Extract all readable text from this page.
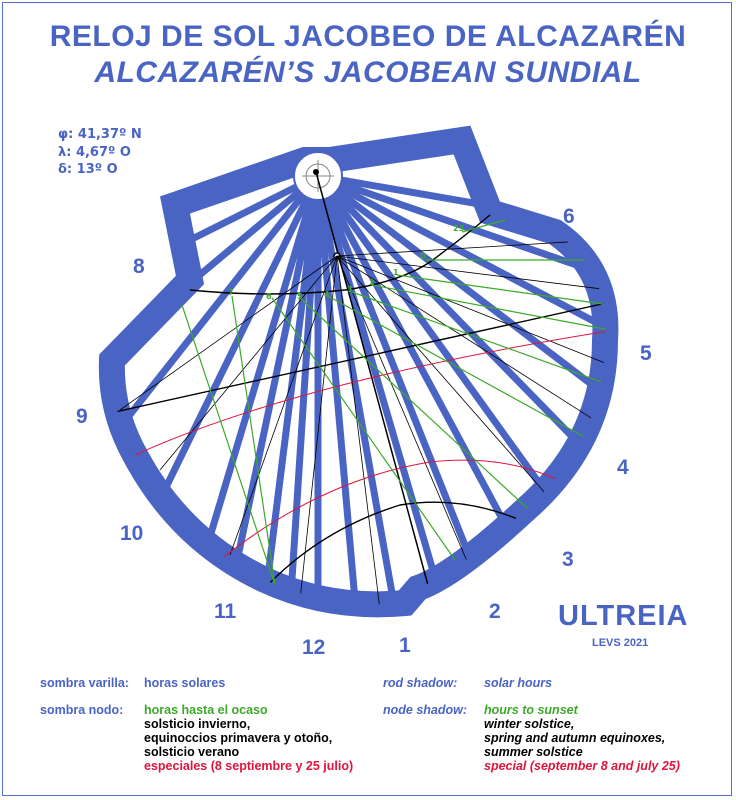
RELOJ DE SOL JACOBEO DE ALCAZARÉN
ALCAZARÉN’S JACOBEAN SUNDIAL
φ: 41,37º N
λ: 4,67º O
δ: 13º O
7	6	5	4
3
2
1
0
23
8
9
10
11
12	1
2
3
4
5
6
ULTREIA
LEVS 2021
sombra varilla: horas solares
sombra nodo: horas hasta el ocaso
solsticio invierno,
equinoccios primavera y otoño,
solsticio verano
especiales (8 septiembre y 25 julio)
rod shadow: solar hours
node shadow: hours to sunset
winter solstice,
spring and autumn equinoxes,
summer solstice
special (september 8 and july 25)
